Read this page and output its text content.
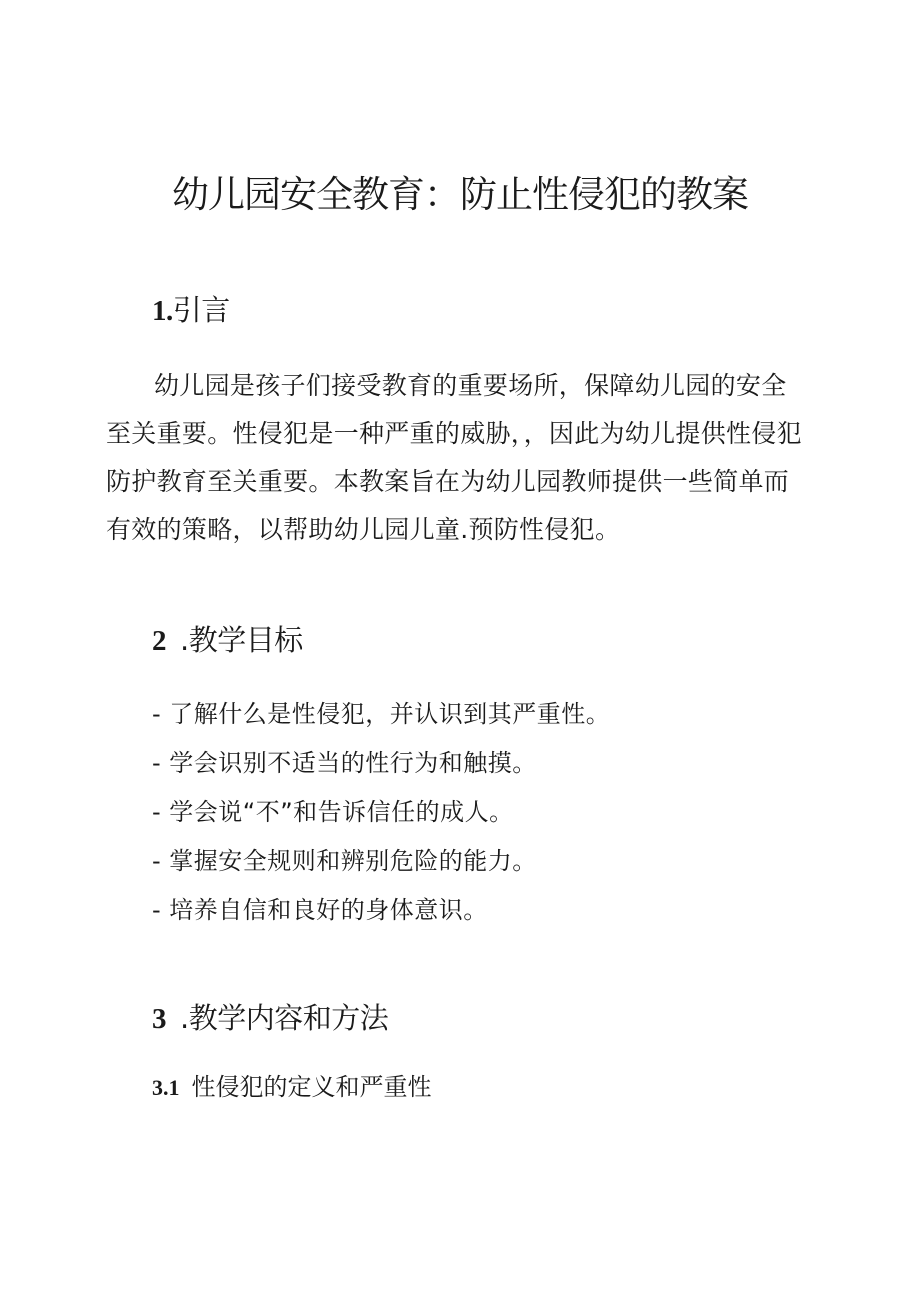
幼儿园安全教育：防止性侵犯的教案
1.引言

幼儿园是孩子们接受教育的重要场所，保障幼儿园的安全至关重要。性侵犯是一种严重的威胁，，因此为幼儿提供性侵犯防护教育至关重要。本教案旨在为幼儿园教师提供一些简单而有效的策略，以帮助幼儿园儿童.预防性侵犯。

2 .教学目标
- 了解什么是性侵犯，并认识到其严重性。
- 学会识别不适当的性行为和触摸。
- 学会说“不”和告诉信任的成人。
- 掌握安全规则和辨别危险的能力。
- 培养自信和良好的身体意识。
3 .教学内容和方法
3.1 性侵犯的定义和严重性
